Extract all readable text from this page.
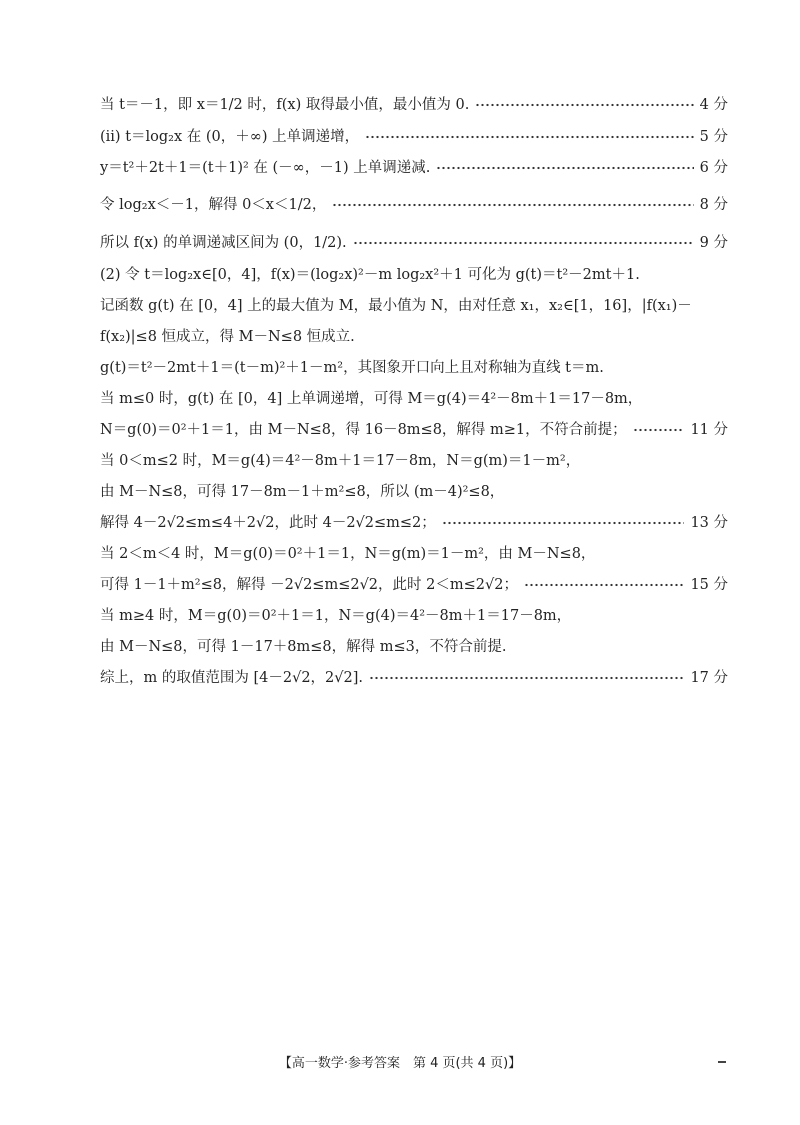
当 t＝－1，即 x＝1/2 时，f(x) 取得最小值，最小值为 0.	4 分
(ⅱ) t＝log₂x 在 (0，＋∞) 上单调递增，	5 分
y＝t²＋2t＋1＝(t＋1)² 在 (－∞，－1) 上单调递减.	6 分
令 log₂x＜－1，解得 0＜x＜1/2，	8 分
所以 f(x) 的单调递减区间为 (0，1/2).	9 分
(2) 令 t＝log₂x∈[0，4]，f(x)＝(log₂x)²－m log₂x²＋1 可化为 g(t)＝t²－2mt＋1.
记函数 g(t) 在 [0，4] 上的最大值为 M，最小值为 N，由对任意 x₁，x₂∈[1，16]，|f(x₁)－
f(x₂)|≤8 恒成立，得 M－N≤8 恒成立.
g(t)＝t²－2mt＋1＝(t－m)²＋1－m²，其图象开口向上且对称轴为直线 t＝m.
当 m≤0 时，g(t) 在 [0，4] 上单调递增，可得 M＝g(4)＝4²－8m＋1＝17－8m，
N＝g(0)＝0²＋1＝1，由 M－N≤8，得 16－8m≤8，解得 m≥1，不符合前提；	11 分
当 0＜m≤2 时，M＝g(4)＝4²－8m＋1＝17－8m，N＝g(m)＝1－m²，
由 M－N≤8，可得 17－8m－1＋m²≤8，所以 (m－4)²≤8，
解得 4－2√2≤m≤4＋2√2，此时 4－2√2≤m≤2；	13 分
当 2＜m＜4 时，M＝g(0)＝0²＋1＝1，N＝g(m)＝1－m²，由 M－N≤8，
可得 1－1＋m²≤8，解得 －2√2≤m≤2√2，此时 2＜m≤2√2；	15 分
当 m≥4 时，M＝g(0)＝0²＋1＝1，N＝g(4)＝4²－8m＋1＝17－8m，
由 M－N≤8，可得 1－17＋8m≤8，解得 m≤3，不符合前提.
综上，m 的取值范围为 [4－2√2，2√2].	17 分
【高一数学·参考答案　第 4 页(共 4 页)】
